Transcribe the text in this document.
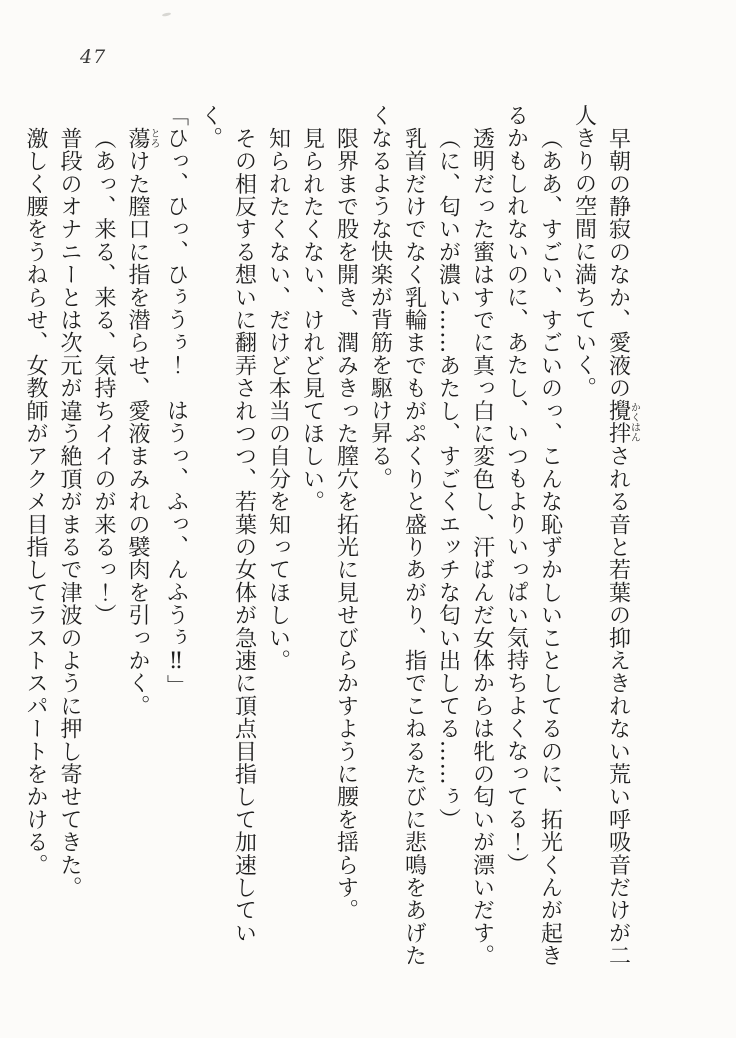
47

早朝の静寂のなか、愛液の攪拌かくはんされる音と若葉の抑えきれない荒い呼吸音だけが二人きりの空間に満ちていく。

（ああ、すごい、すごいのっ、こんな恥ずかしいことしてるのに、拓光くんが起きるかもしれないのに、あたし、いつもよりいっぱい気持ちよくなってる！）

透明だった蜜はすでに真っ白に変色し、汗ばんだ女体からは牝の匂いが漂いだす。

（に、匂いが濃い……あたし、すごくエッチな匂い出してる……ぅ）

乳首だけでなく乳輪までもがぷくりと盛りあがり、指でこねるたびに悲鳴をあげたくなるような快楽が背筋を駆け昇る。

限界まで股を開き、潤みきった膣穴を拓光に見せびらかすように腰を揺らす。

見られたくない、けれど見てほしい。

知られたくない、だけど本当の自分を知ってほしい。

その相反する想いに翻弄されつつ、若葉の女体が急速に頂点目指して加速していく。

「ひっ、ひっ、ひぅうぅ！　はうっ、ふっ、んふうぅ‼」

蕩とろけた膣口に指を潜らせ、愛液まみれの襞肉を引っかく。

（あっ、来る、来る、気持ちイイのが来るっ！）

普段のオナニーとは次元が違う絶頂がまるで津波のように押し寄せてきた。

激しく腰をうねらせ、女教師がアクメ目指してラストスパートをかける。
